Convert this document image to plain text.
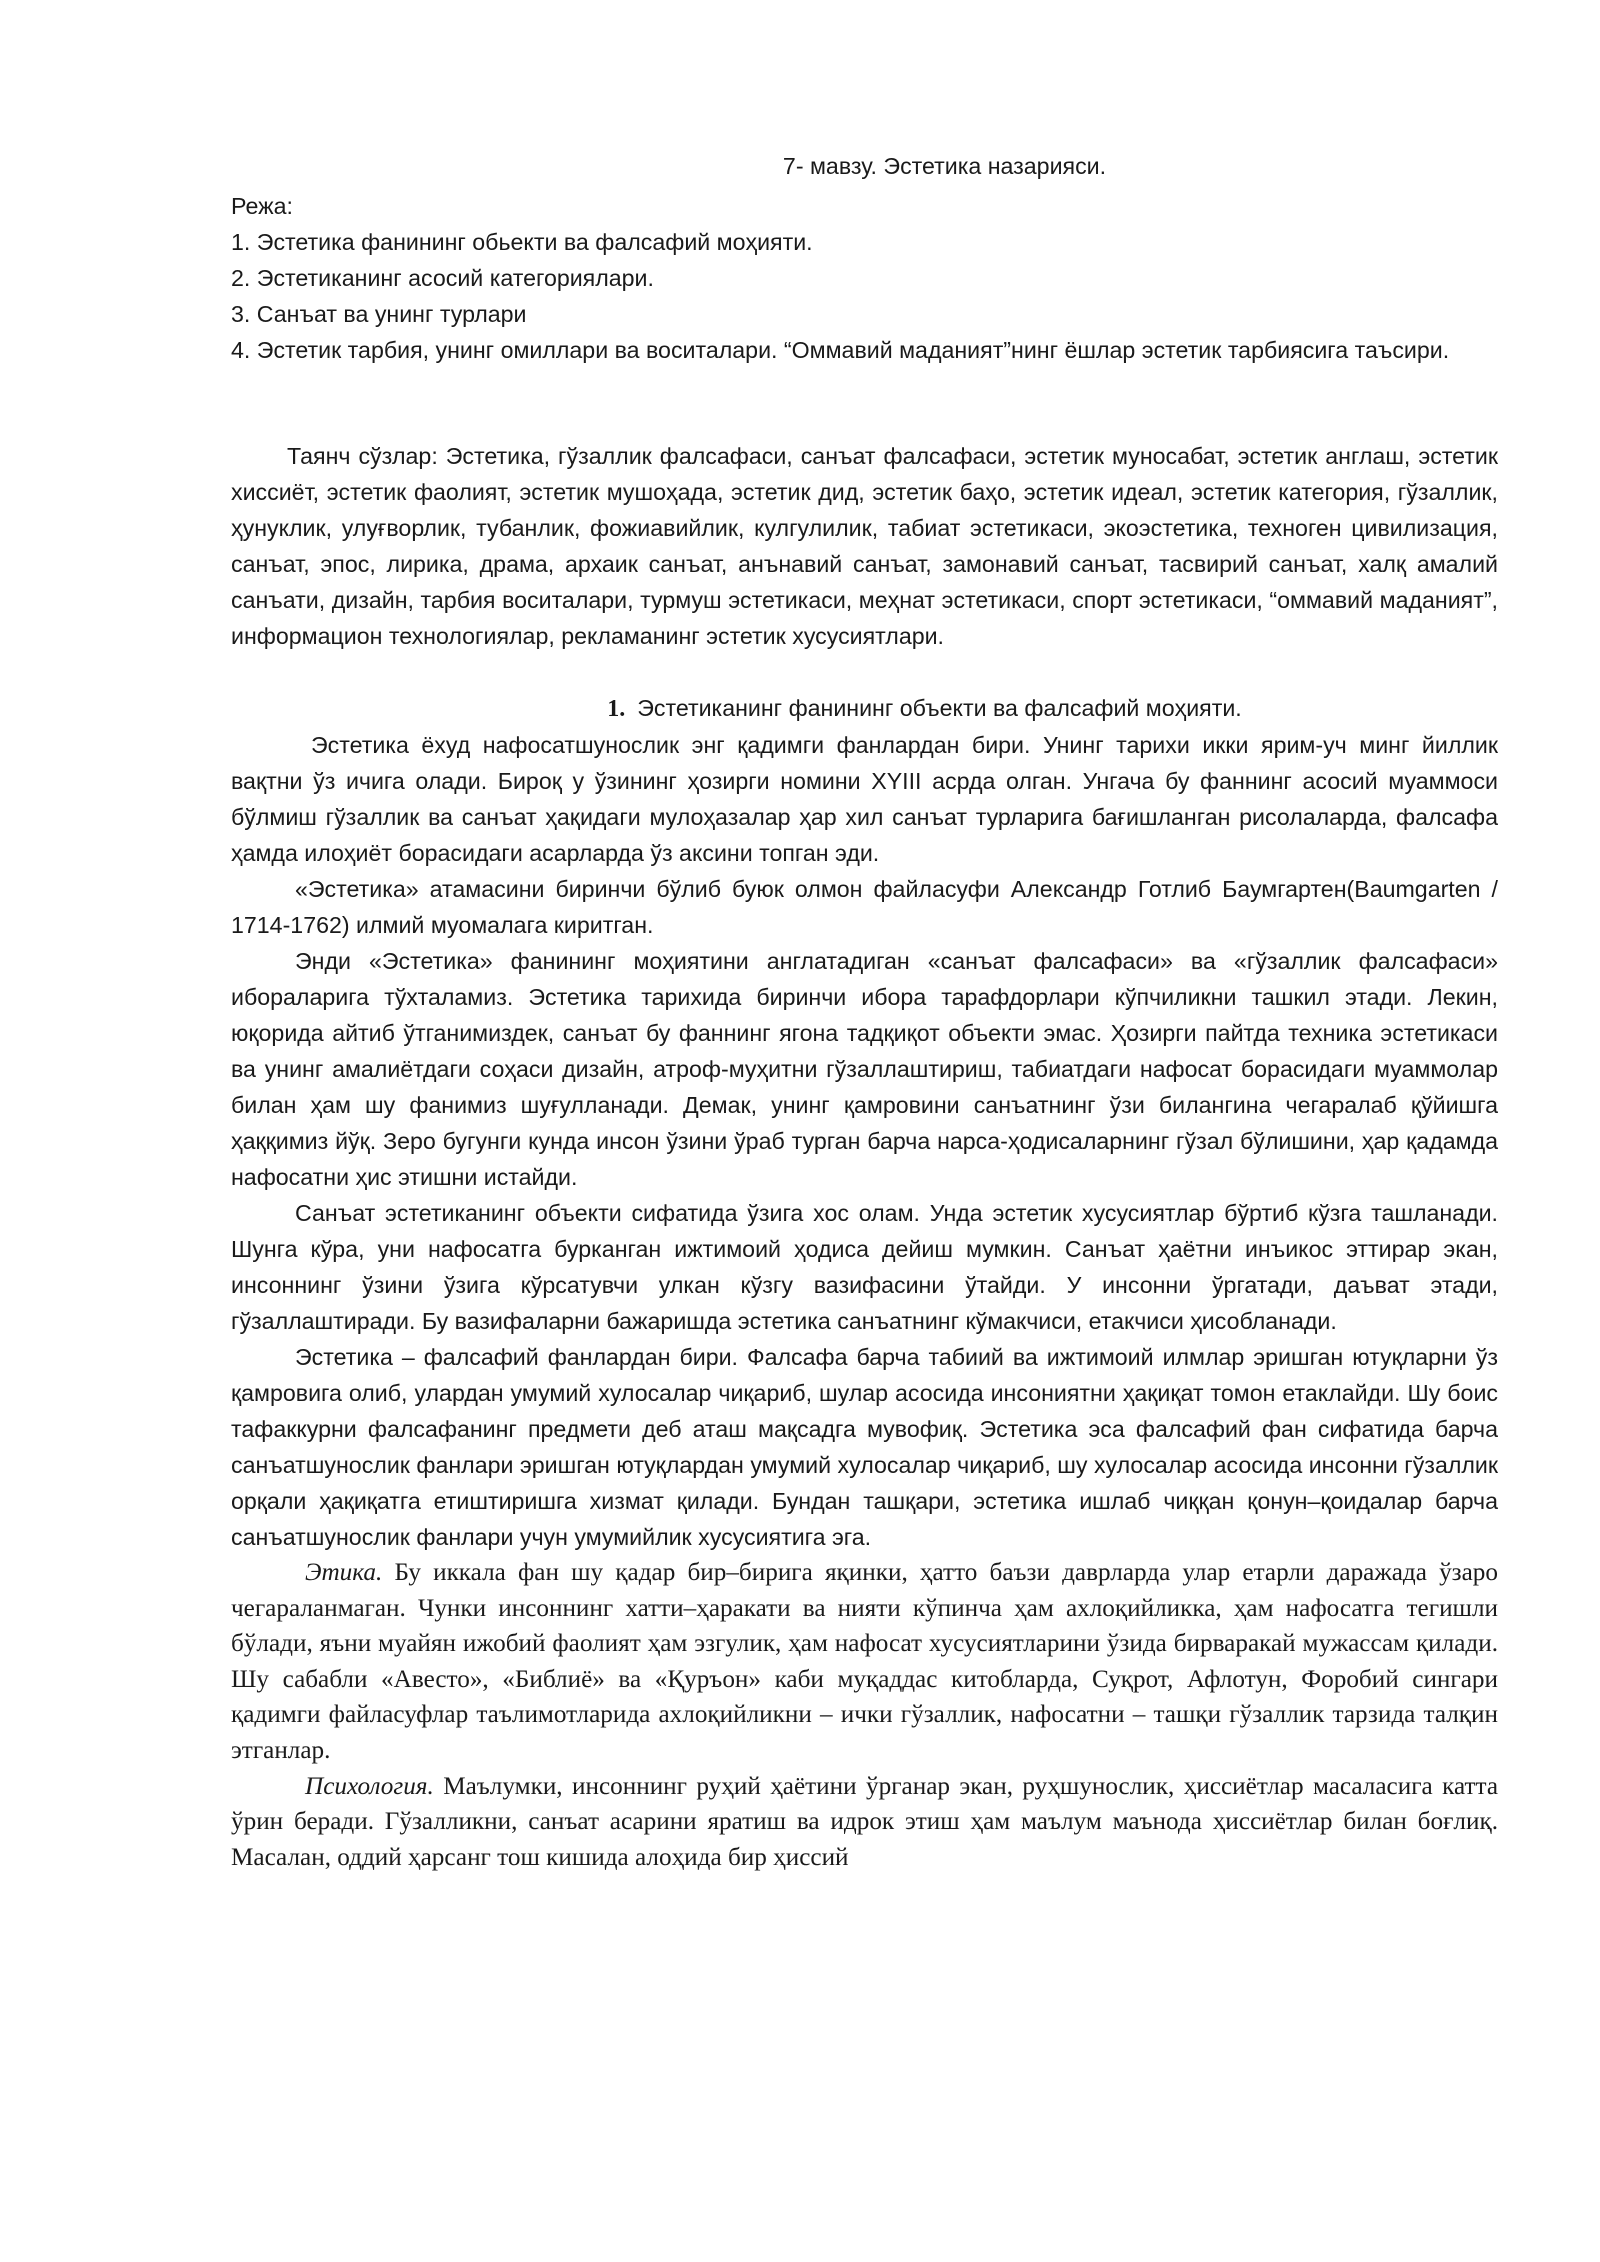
7- мавзу. Эстетика назарияси.

Режа:

1. Эстетика фанининг обьекти ва фалсафий моҳияти.
2. Эстетиканинг асосий категориялари.
3. Санъат ва унинг турлари
4. Эстетик тарбия, унинг омиллари ва воситалари. “Оммавий маданият”нинг ёшлар эстетик тарбиясига таъсири.

Таянч сўзлар: Эстетика, гўзаллик фалсафаси, санъат фалсафаси, эстетик муносабат, эстетик англаш, эстетик хиссиёт, эстетик фаолият, эстетик мушоҳада, эстетик дид, эстетик баҳо, эстетик идеал, эстетик категория, гўзаллик, ҳунуклик, улуғворлик, тубанлик, фожиавийлик, кулгулилик, табиат эстетикаси, экоэстетика, техноген цивилизация, санъат, эпос, лирика, драма, архаик санъат, анънавий санъат, замонавий санъат, тасвирий санъат, халқ амалий санъати, дизайн, тарбия воситалари, турмуш эстетикаси, меҳнат эстетикаси, спорт эстетикаси, “оммавий маданият”, информацион технологиялар, рекламанинг эстетик хусусиятлари.

1. Эстетиканинг фанининг объекти ва фалсафий моҳияти.

Эстетика ёхуд нафосатшунослик энг қадимги фанлардан бири. Унинг тарихи икки ярим-уч минг йиллик вақтни ўз ичига олади. Бироқ у ўзининг ҳозирги номини XYIII асрда олган. Унгача бу фаннинг асосий муаммоси бўлмиш гўзаллик ва санъат ҳақидаги мулоҳазалар ҳар хил санъат турларига бағишланган рисолаларда, фалсафа ҳамда илоҳиёт борасидаги асарларда ўз аксини топган эди.

«Эстетика» атамасини биринчи бўлиб буюк олмон файласуфи Александр Готлиб Баумгартен(Baumgarten / 1714-1762) илмий муомалага киритган.

Энди «Эстетика» фанининг моҳиятини англатадиган «санъат фалсафаси» ва «гўзаллик фалсафаси» ибораларига тўхталамиз. Эстетика тарихида биринчи ибора тарафдорлари кўпчиликни ташкил этади. Лекин, юқорида айтиб ўтганимиздек, санъат бу фаннинг ягона тадқиқот объекти эмас. Ҳозирги пайтда техника эстетикаси ва унинг амалиётдаги соҳаси дизайн, атроф-муҳитни гўзаллаштириш, табиатдаги нафосат борасидаги муаммолар билан ҳам шу фанимиз шуғулланади. Демак, унинг қамровини санъатнинг ўзи билангина чегаралаб қўйишга ҳаққимиз йўқ. Зеро бугунги кунда инсон ўзини ўраб турган барча нарса-ҳодисаларнинг гўзал бўлишини, ҳар қадамда нафосатни ҳис этишни истайди.

Санъат эстетиканинг объекти сифатида ўзига хос олам. Унда эстетик хусусиятлар бўртиб кўзга ташланади. Шунга кўра, уни нафосатга бурканган ижтимоий ҳодиса дейиш мумкин. Санъат ҳаётни инъикос эттирар экан, инсоннинг ўзини ўзига кўрсатувчи улкан кўзгу вазифасини ўтайди. У инсонни ўргатади, даъват этади, гўзаллаштиради. Бу вазифаларни бажаришда эстетика санъатнинг кўмакчиси, етакчиси ҳисобланади.

Эстетика – фалсафий фанлардан бири. Фалсафа барча табиий ва ижтимоий илмлар эришган ютуқларни ўз қамровига олиб, улардан умумий хулосалар чиқариб, шулар асосида инсониятни ҳақиқат томон етаклайди. Шу боис тафаккурни фалсафанинг предмети деб аташ мақсадга мувофиқ. Эстетика эса фалсафий фан сифатида барча санъатшунослик фанлари эришган ютуқлардан умумий хулосалар чиқариб, шу хулосалар асосида инсонни гўзаллик орқали ҳақиқатга етиштиришга хизмат қилади. Бундан ташқари, эстетика ишлаб чиққан қонун–қоидалар барча санъатшунослик фанлари учун умумийлик хусусиятига эга.

Этика. Бу иккала фан шу қадар бир–бирига яқинки, ҳатто баъзи даврларда улар етарли даражада ўзаро чегараланмаган. Чунки инсоннинг хатти–ҳаракати ва нияти кўпинча ҳам ахлоқийликка, ҳам нафосатга тегишли бўлади, яъни муайян ижобий фаолият ҳам эзгулик, ҳам нафосат хусусиятларини ўзида бирваракай мужассам қилади. Шу сабабли «Авесто», «Библиё» ва «Қуръон» каби муқаддас китобларда, Суқрот, Афлотун, Форобий сингари қадимги файласуфлар таълимотларида ахлоқийликни – ички гўзаллик, нафосатни – ташқи гўзаллик тарзида талқин этганлар.

Психология. Маълумки, инсоннинг руҳий ҳаётини ўрганар экан, руҳшунослик, ҳиссиётлар масаласига катта ўрин беради. Гўзалликни, санъат асарини яратиш ва идрок этиш ҳам маълум маънода ҳиссиётлар билан боғлиқ. Масалан, оддий ҳарсанг тош кишида алоҳида бир ҳиссий
